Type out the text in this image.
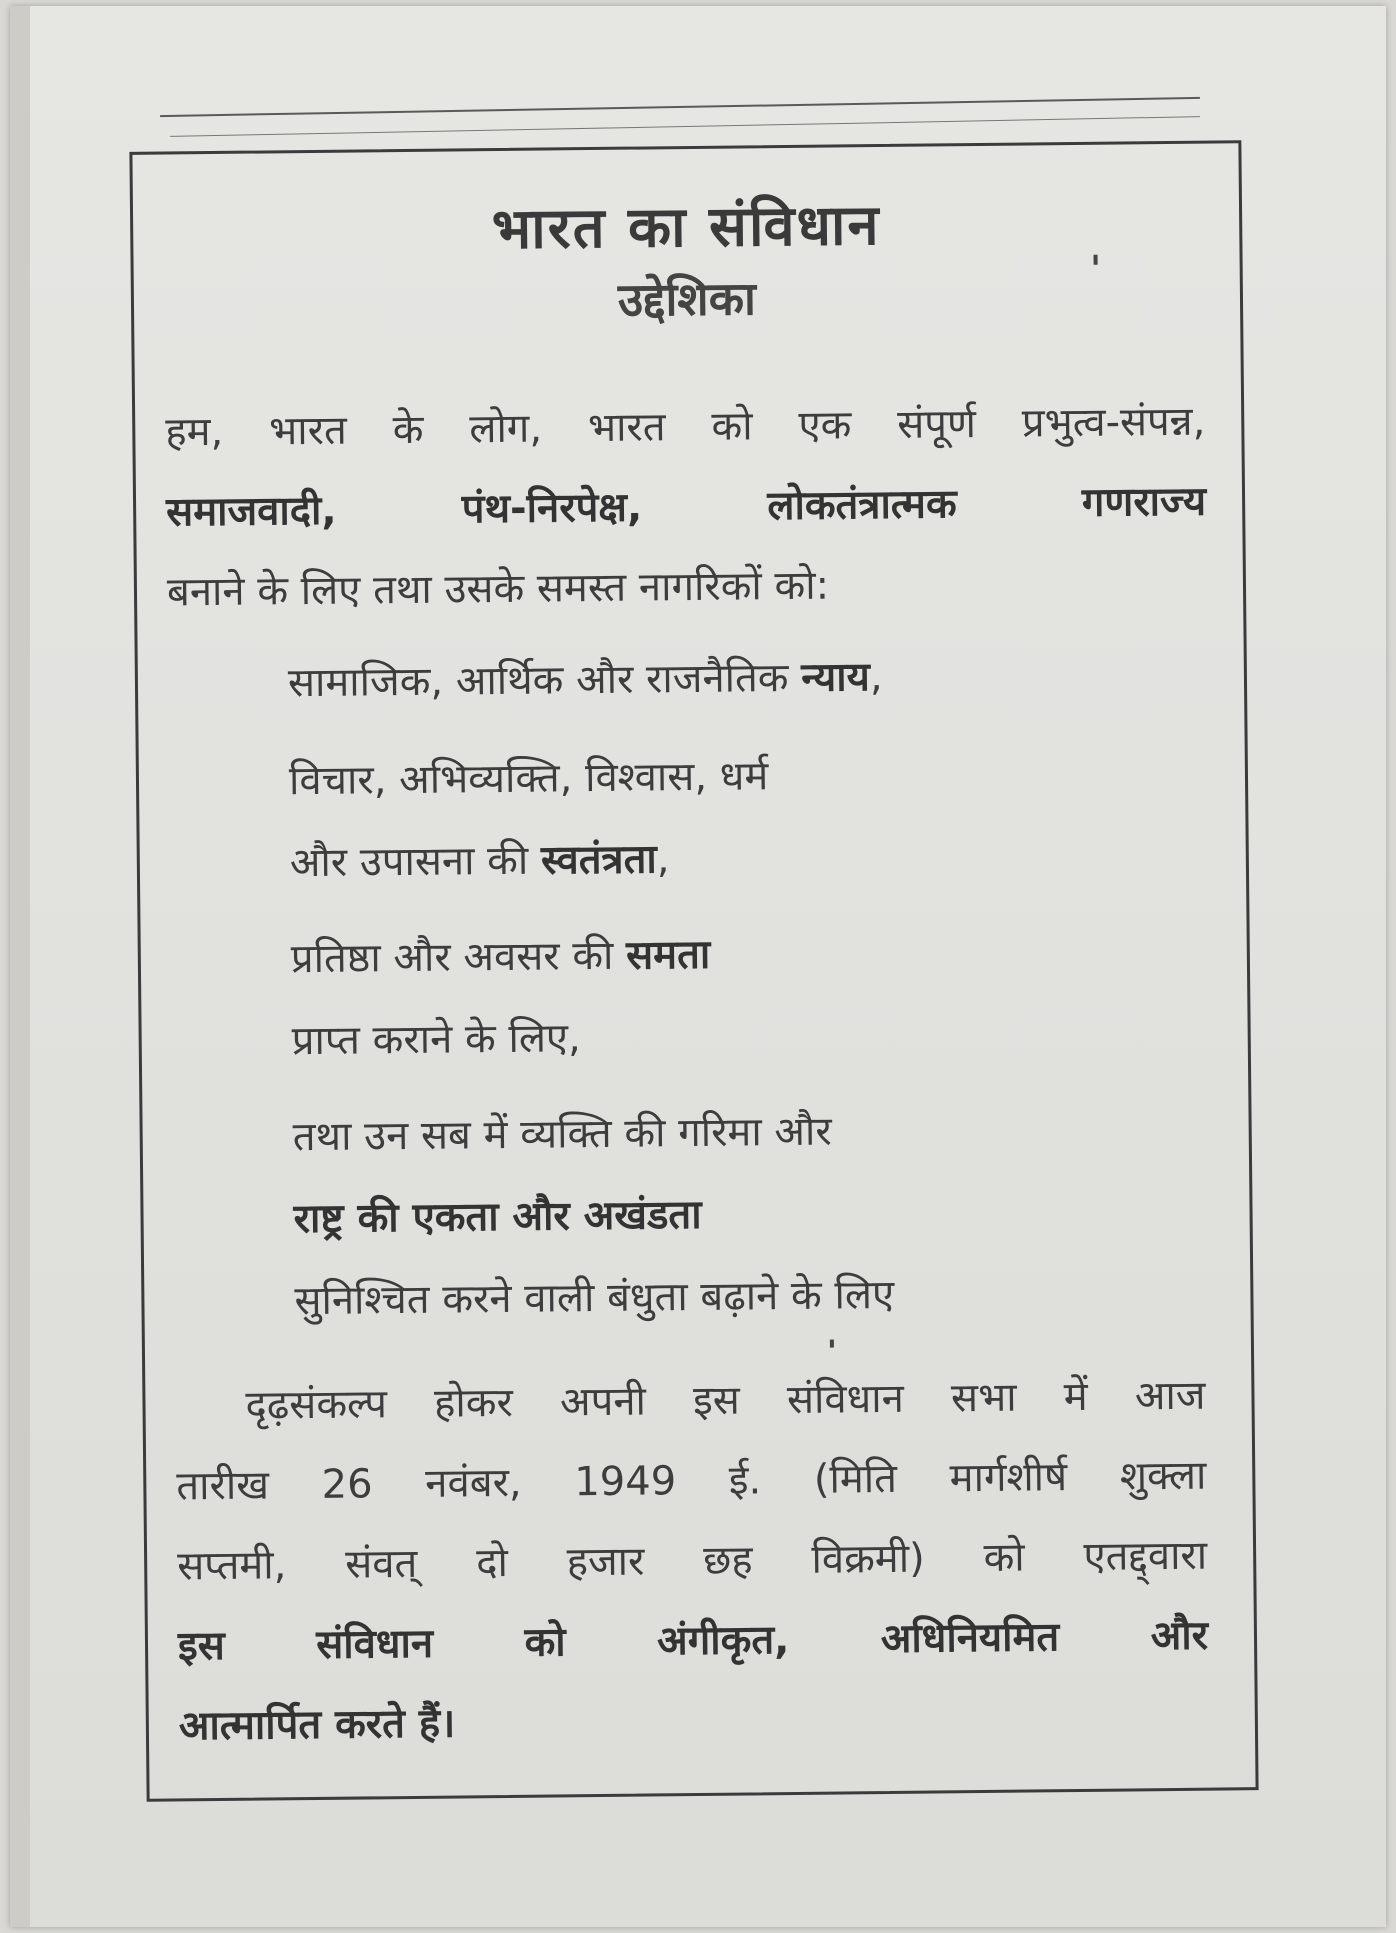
भारत का संविधान
उद्देशिका
हम, भारत के लोग, भारत को एक संपूर्ण प्रभुत्व-संपन्न,
समाजवादी, पंथ-निरपेक्ष, लोकतंत्रात्मक गणराज्य
बनाने के लिए तथा उसके समस्त नागरिकों को:
सामाजिक, आर्थिक और राजनैतिक न्याय,
विचार, अभिव्यक्ति, विश्वास, धर्म
और उपासना की स्वतंत्रता,
प्रतिष्ठा और अवसर की समता
प्राप्त कराने के लिए,
तथा उन सब में व्यक्ति की गरिमा और
राष्ट्र की एकता और अखंडता
सुनिश्चित करने वाली बंधुता बढ़ाने के लिए
दृढ़संकल्प होकर अपनी इस संविधान सभा में आज
तारीख 26 नवंबर, 1949 ई. (मिति मार्गशीर्ष शुक्ला
सप्तमी, संवत् दो हजार छह विक्रमी) को एतद्द्वारा
इस संविधान को अंगीकृत, अधिनियमित और
आत्मार्पित करते हैं।
